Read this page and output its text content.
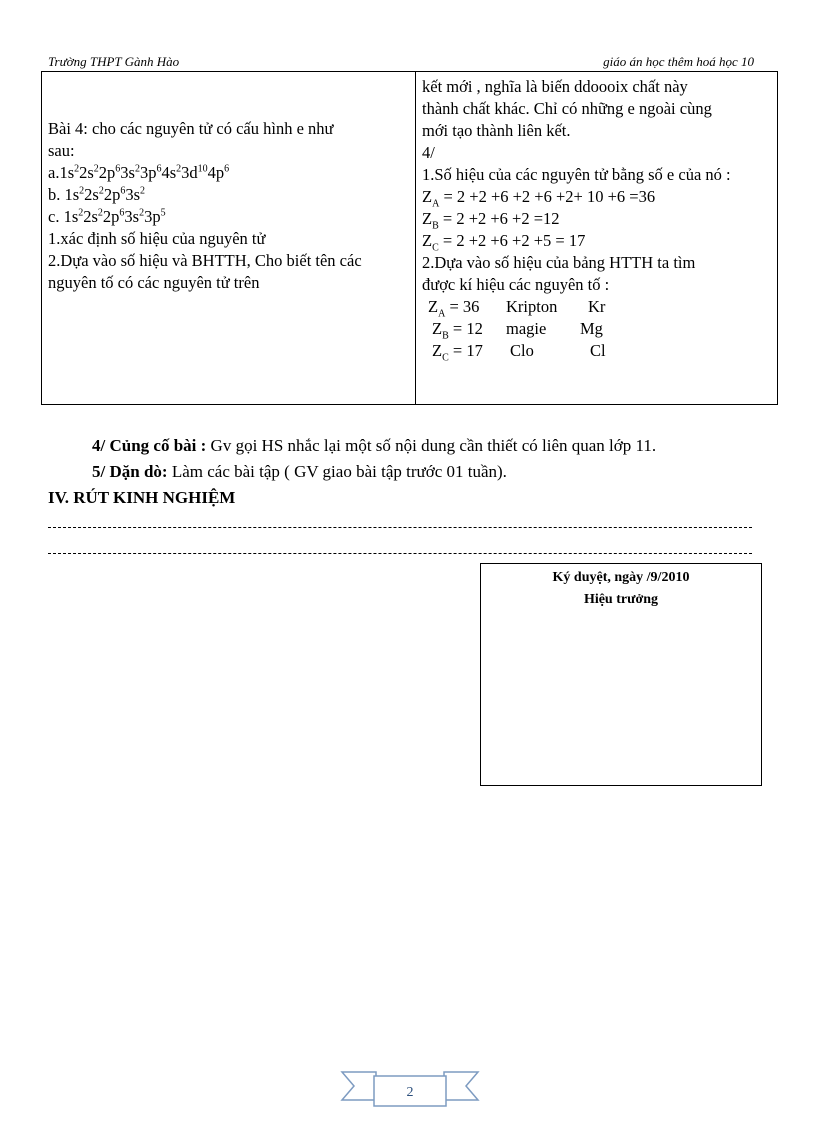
Trường THPT Gành Hào	giáo án học thêm hoá học 10
Bài 4: cho các nguyên tử có cấu hình e như
sau:
$a.1s^22s^22p^63s^23p^64s^23d^{10}4p^6$
b. $1s^22s^22p^63s^2$
c. $1s^22s^22p^63s^23p^5$
1.xác định số hiệu của nguyên tử
2.Dựa vào số hiệu và BHTTH, Cho biết tên các
nguyên tố có các nguyên tử trên

kết mới , nghĩa là biến ddoooix chất này
thành chất khác. Chỉ có những e ngoài cùng
mới tạo thành liên kết.
4/
1.Số hiệu của các nguyên tử bằng số e của nó :
$Z_A = 2 +2 +6 +2 +6 +2+ 10 +6 =36$
$Z_B = 2 +2 +6 +2 =12$
$Z_C = 2 +2 +6 +2 +5 = 17$
2.Dựa vào số hiệu của bảng HTTH ta tìm
được kí hiệu các nguyên tố :
$Z_A = 36$ Kripton Kr
$Z_B = 12$ magie Mg
$Z_C = 17$ Clo	Cl
4/ Củng cố bài : Gv gọi HS nhắc lại một số nội dung cần thiết có liên quan lớp 11.
5/ Dặn dò: Làm các bài tập ( GV giao bài tập trước 01 tuần).
IV. RÚT KINH NGHIỆM
Ký duyệt, ngày /9/2010
Hiệu trưởng
2
